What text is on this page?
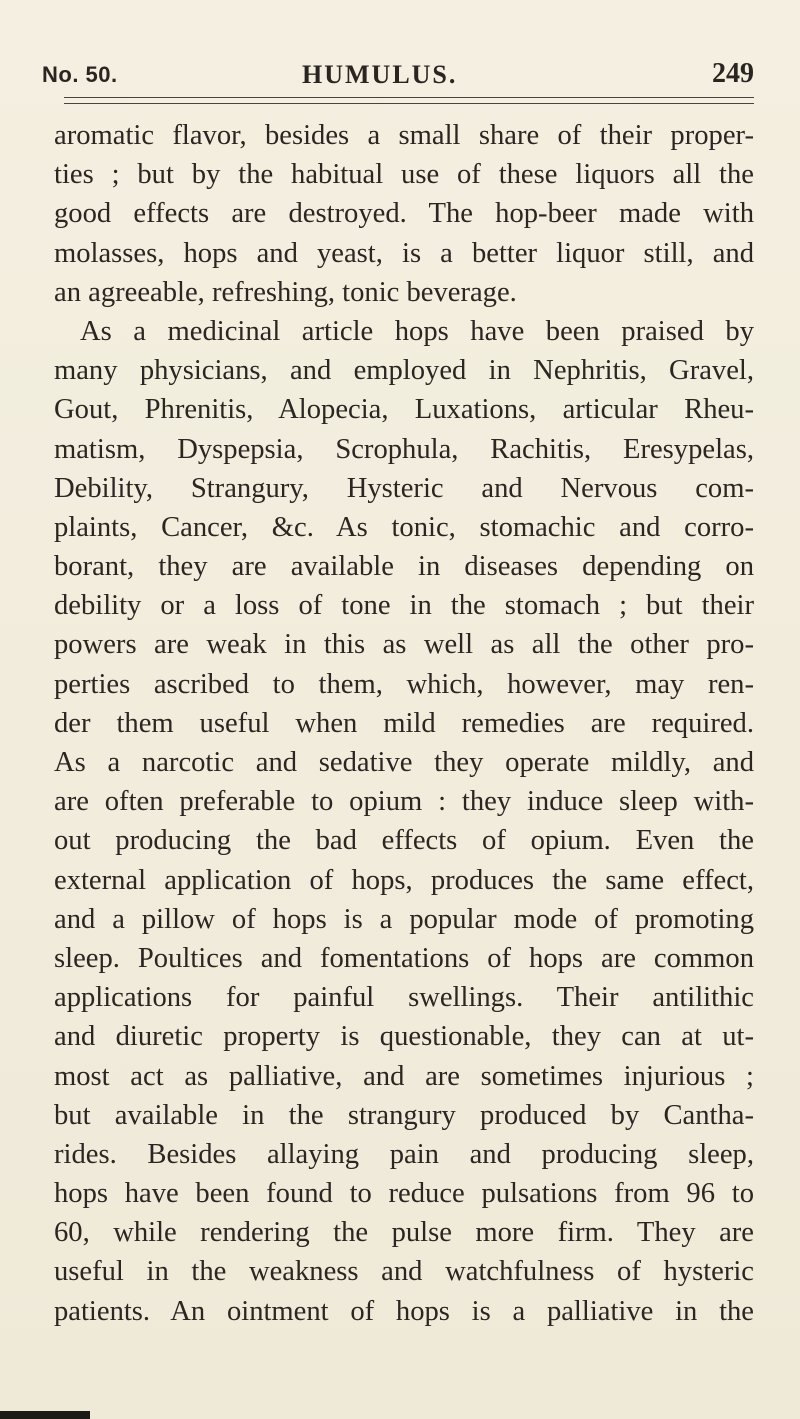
No. 50.	HUMULUS.	249
aromatic flavor, besides a small share of their proper-
ties ; but by the habitual use of these liquors all the
good effects are destroyed. The hop-beer made with
molasses, hops and yeast, is a better liquor still, and
an agreeable, refreshing, tonic beverage.
As a medicinal article hops have been praised by
many physicians, and employed in Nephritis, Gravel,
Gout, Phrenitis, Alopecia, Luxations, articular Rheu-
matism, Dyspepsia, Scrophula, Rachitis, Eresypelas,
Debility, Strangury, Hysteric and Nervous com-
plaints, Cancer, &c. As tonic, stomachic and corro-
borant, they are available in diseases depending on
debility or a loss of tone in the stomach ; but their
powers are weak in this as well as all the other pro-
perties ascribed to them, which, however, may ren-
der them useful when mild remedies are required.
As a narcotic and sedative they operate mildly, and
are often preferable to opium : they induce sleep with-
out producing the bad effects of opium. Even the
external application of hops, produces the same effect,
and a pillow of hops is a popular mode of promoting
sleep. Poultices and fomentations of hops are common
applications for painful swellings. Their antilithic
and diuretic property is questionable, they can at ut-
most act as palliative, and are sometimes injurious ;
but available in the strangury produced by Cantha-
rides. Besides allaying pain and producing sleep,
hops have been found to reduce pulsations from 96 to
60, while rendering the pulse more firm. They are
useful in the weakness and watchfulness of hysteric
patients. An ointment of hops is a palliative in the
